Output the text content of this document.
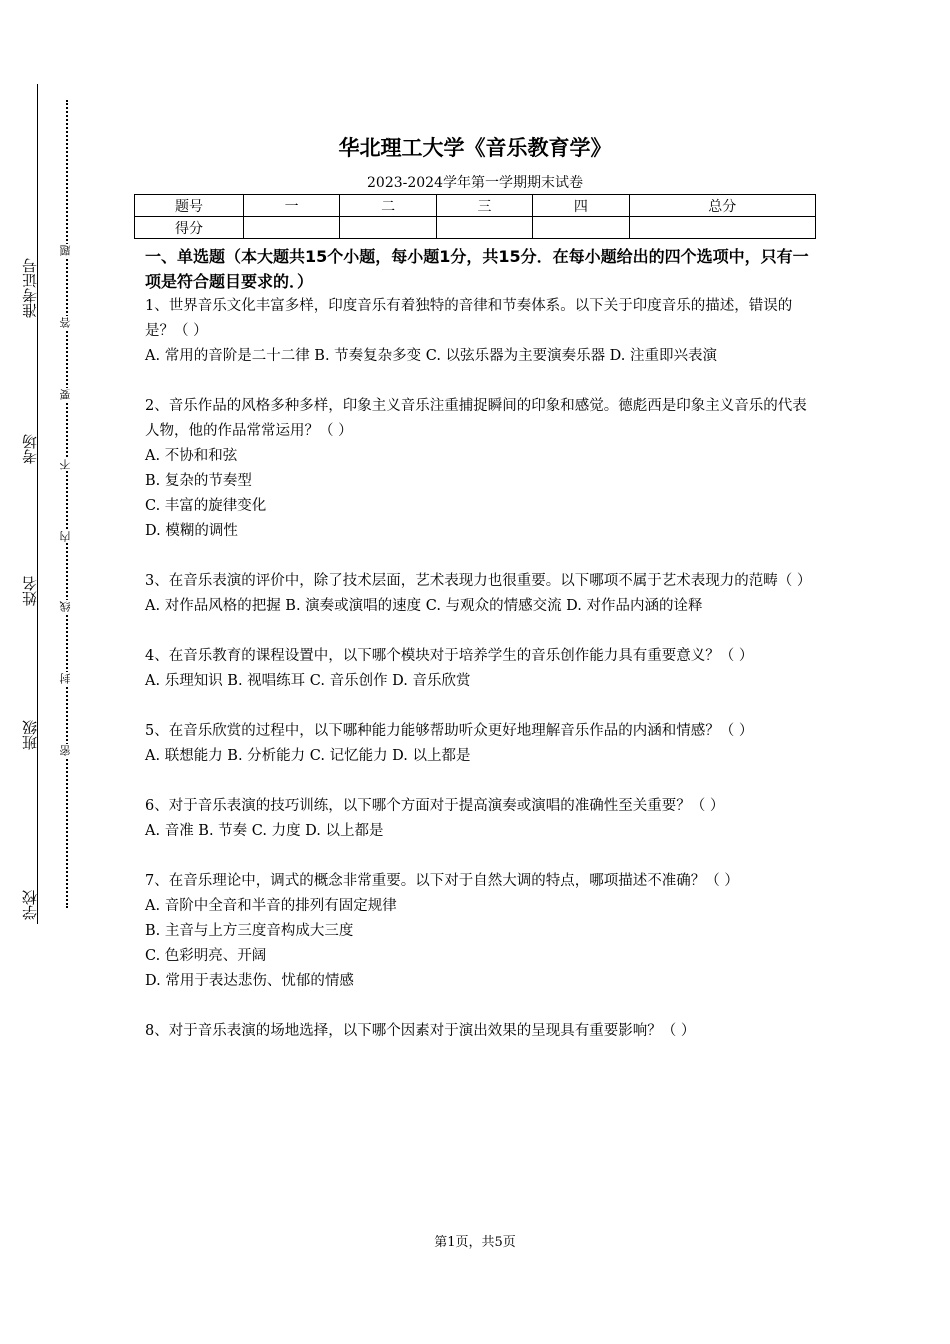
准考证号
考场
姓名
班级
学校
题
答
要
不
内
线
封
密
华北理工大学《音乐教育学》
2023-2024学年第一学期期末试卷
题号	一	二	三	四	总分
得分					
一、单选题（本大题共15个小题，每小题1分，共15分．在每小题给出的四个选项中，只有一项是符合题目要求的．）

1、世界音乐文化丰富多样，印度音乐有着独特的音律和节奏体系。以下关于印度音乐的描述，错误的是？（ ）

A. 常用的音阶是二十二律 B. 节奏复杂多变 C. 以弦乐器为主要演奏乐器 D. 注重即兴表演

2、音乐作品的风格多种多样，印象主义音乐注重捕捉瞬间的印象和感觉。德彪西是印象主义音乐的代表人物，他的作品常常运用？（ ）

A. 不协和和弦

B. 复杂的节奏型

C. 丰富的旋律变化

D. 模糊的调性

3、在音乐表演的评价中，除了技术层面，艺术表现力也很重要。以下哪项不属于艺术表现力的范畴（ ）

A. 对作品风格的把握 B. 演奏或演唱的速度 C. 与观众的情感交流 D. 对作品内涵的诠释

4、在音乐教育的课程设置中，以下哪个模块对于培养学生的音乐创作能力具有重要意义？（ ）

A. 乐理知识 B. 视唱练耳 C. 音乐创作 D. 音乐欣赏

5、在音乐欣赏的过程中，以下哪种能力能够帮助听众更好地理解音乐作品的内涵和情感？（ ）

A. 联想能力 B. 分析能力 C. 记忆能力 D. 以上都是

6、对于音乐表演的技巧训练，以下哪个方面对于提高演奏或演唱的准确性至关重要？（ ）

A. 音准 B. 节奏 C. 力度 D. 以上都是

7、在音乐理论中，调式的概念非常重要。以下对于自然大调的特点，哪项描述不准确？（ ）

A. 音阶中全音和半音的排列有固定规律

B. 主音与上方三度音构成大三度

C. 色彩明亮、开阔

D. 常用于表达悲伤、忧郁的情感

8、对于音乐表演的场地选择，以下哪个因素对于演出效果的呈现具有重要影响？（ ）

第1页，共5页
